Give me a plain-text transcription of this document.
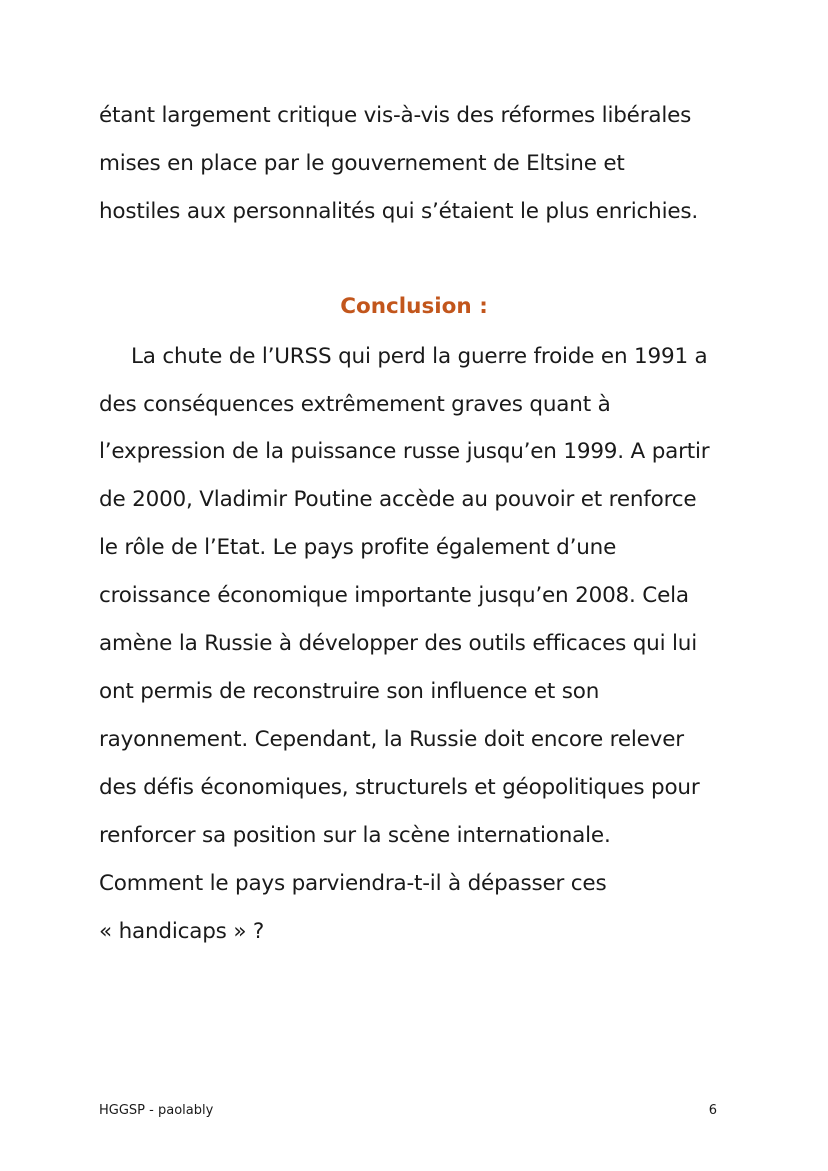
étant largement critique vis-à-vis des réformes libérales
mises en place par le gouvernement de Eltsine et
hostiles aux personnalités qui s’étaient le plus enrichies.
Conclusion :
La chute de l’URSS qui perd la guerre froide en 1991 a
des conséquences extrêmement graves quant à
l’expression de la puissance russe jusqu’en 1999. A partir
de 2000, Vladimir Poutine accède au pouvoir et renforce
le rôle de l’Etat. Le pays profite également d’une
croissance économique importante jusqu’en 2008. Cela
amène la Russie à développer des outils efficaces qui lui
ont permis de reconstruire son influence et son
rayonnement. Cependant, la Russie doit encore relever
des défis économiques, structurels et géopolitiques pour
renforcer sa position sur la scène internationale.
Comment le pays parviendra-t-il à dépasser ces
« handicaps » ?
HGGSP - paolably	6
